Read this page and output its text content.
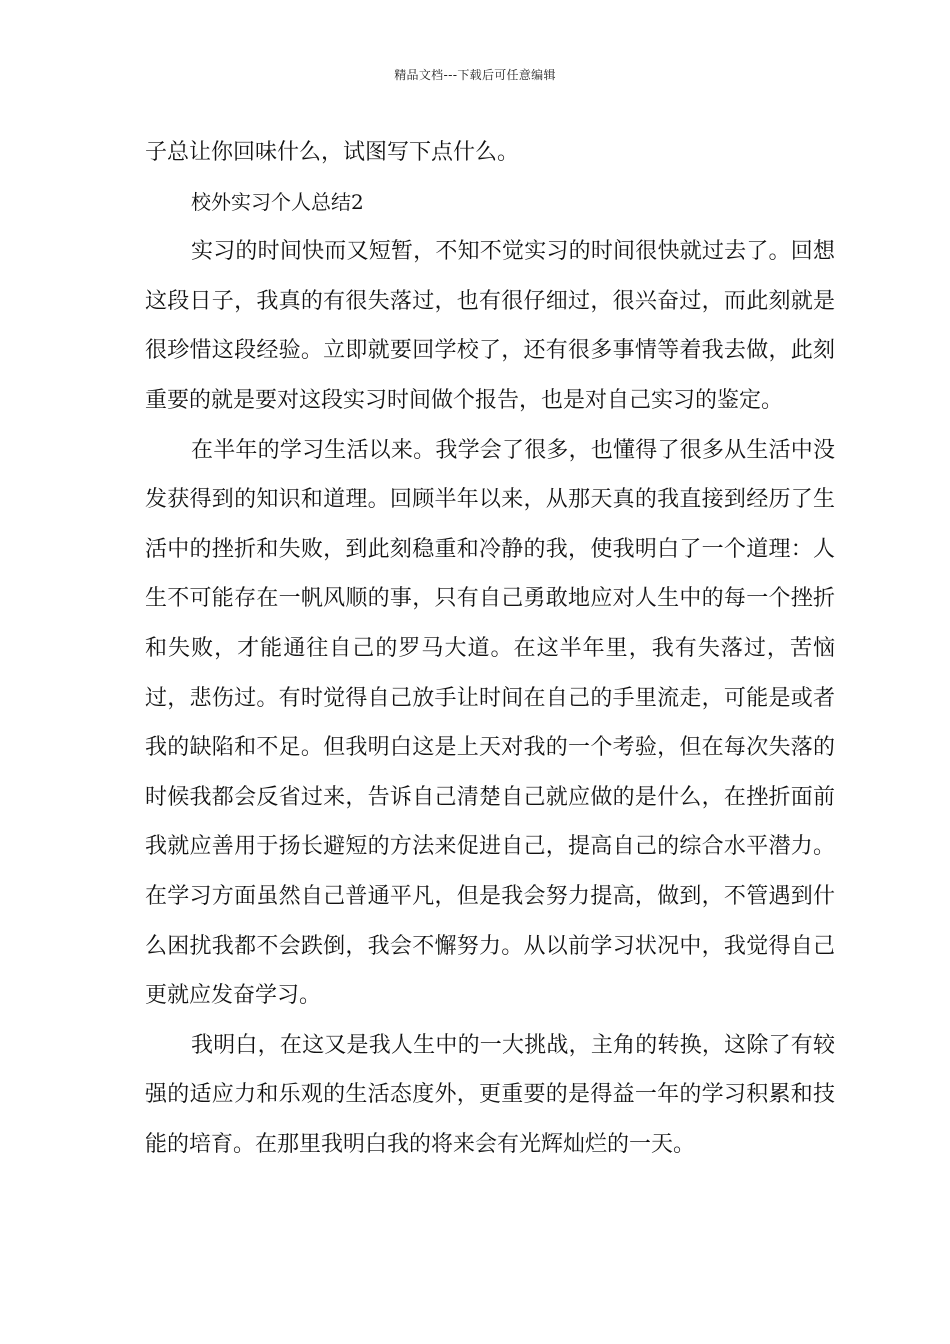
精品文档---下载后可任意编辑

子总让你回味什么，试图写下点什么。

校外实习个人总结2

实习的时间快而又短暂，不知不觉实习的时间很快就过去了。回想这段日子，我真的有很失落过，也有很仔细过，很兴奋过，而此刻就是很珍惜这段经验。立即就要回学校了，还有很多事情等着我去做，此刻重要的就是要对这段实习时间做个报告，也是对自己实习的鉴定。

在半年的学习生活以来。我学会了很多，也懂得了很多从生活中没发获得到的知识和道理。回顾半年以来，从那天真的我直接到经历了生活中的挫折和失败，到此刻稳重和冷静的我，使我明白了一个道理：人生不可能存在一帆风顺的事，只有自己勇敢地应对人生中的每一个挫折和失败，才能通往自己的罗马大道。在这半年里，我有失落过，苦恼过，悲伤过。有时觉得自己放手让时间在自己的手里流走，可能是或者我的缺陷和不足。但我明白这是上天对我的一个考验，但在每次失落的时候我都会反省过来，告诉自己清楚自己就应做的是什么，在挫折面前我就应善用于扬长避短的方法来促进自己，提高自己的综合水平潜力。在学习方面虽然自己普通平凡，但是我会努力提高，做到，不管遇到什么困扰我都不会跌倒，我会不懈努力。从以前学习状况中，我觉得自己更就应发奋学习。

我明白，在这又是我人生中的一大挑战，主角的转换，这除了有较强的适应力和乐观的生活态度外，更重要的是得益一年的学习积累和技能的培育。在那里我明白我的将来会有光辉灿烂的一天。
